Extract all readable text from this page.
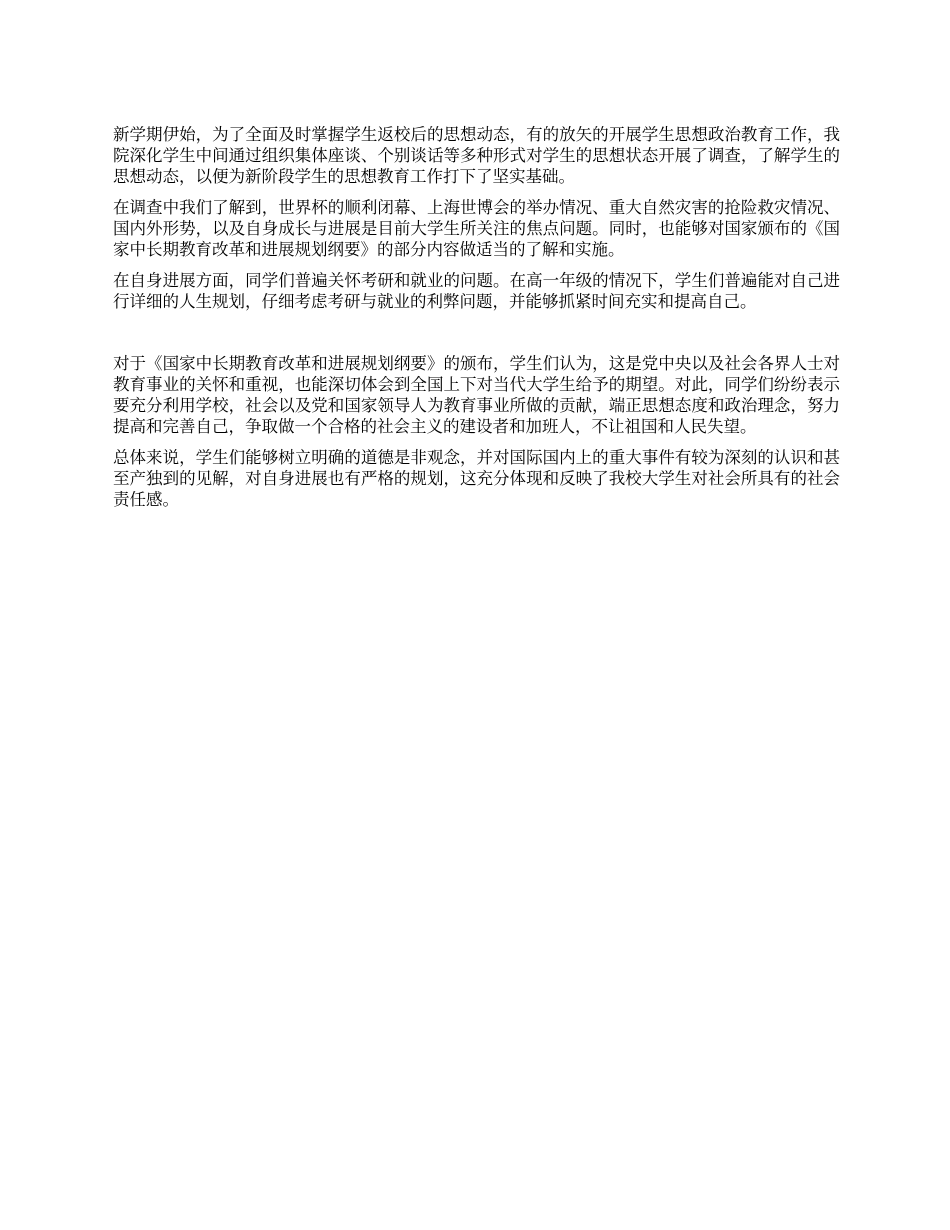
新学期伊始，为了全面及时掌握学生返校后的思想动态，有的放矢的开展学生思想政治教育工作，我院深化学生中间通过组织集体座谈、个别谈话等多种形式对学生的思想状态开展了调查，了解学生的思想动态，以便为新阶段学生的思想教育工作打下了坚实基础。

在调查中我们了解到，世界杯的顺利闭幕、上海世博会的举办情况、重大自然灾害的抢险救灾情况、国内外形势，以及自身成长与进展是目前大学生所关注的焦点问题。同时，也能够对国家颁布的《国家中长期教育改革和进展规划纲要》的部分内容做适当的了解和实施。

在自身进展方面，同学们普遍关怀考研和就业的问题。在高一年级的情况下，学生们普遍能对自己进行详细的人生规划，仔细考虑考研与就业的利弊问题，并能够抓紧时间充实和提高自己。

对于《国家中长期教育改革和进展规划纲要》的颁布，学生们认为，这是党中央以及社会各界人士对教育事业的关怀和重视，也能深切体会到全国上下对当代大学生给予的期望。对此，同学们纷纷表示要充分利用学校，社会以及党和国家领导人为教育事业所做的贡献，端正思想态度和政治理念，努力提高和完善自己，争取做一个合格的社会主义的建设者和加班人，不让祖国和人民失望。

总体来说，学生们能够树立明确的道德是非观念，并对国际国内上的重大事件有较为深刻的认识和甚至产独到的见解，对自身进展也有严格的规划，这充分体现和反映了我校大学生对社会所具有的社会责任感。
